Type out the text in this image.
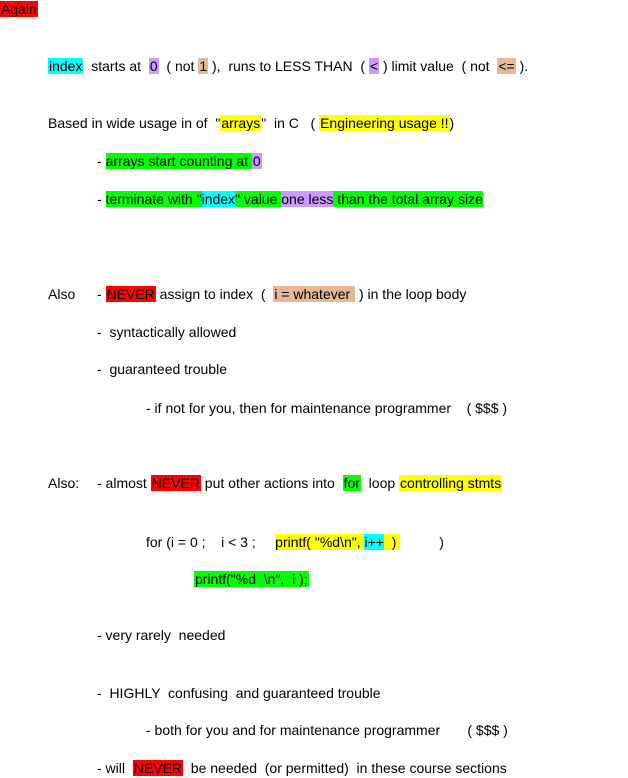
Again
index  starts at  0  ( not 1 ),  runs to LESS THAN  ( < ) limit value  ( not  <= ).
Based in wide usage in of  "arrays"  in C   ( Engineering usage !!)
- arrays start counting at 0
- terminate with "index" value one less than the total array size
Also - NEVER assign to index  (  i = whatever  ) in the loop body
-  syntactically allowed
-  guaranteed trouble
- if not for you, then for maintenance programmer    ( $$$ )
Also: - almost NEVER put other actions into  for  loop controlling stmts
for (i = 0 ;    i < 3 ;     printf( "%d\n", i++  )           )
printf("%d  \n",  i );
- very rarely  needed
-  HIGHLY  confusing  and guaranteed trouble
- both for you and for maintenance programmer       ( $$$ )
- will  NEVER  be needed  (or permitted)  in these course sections
